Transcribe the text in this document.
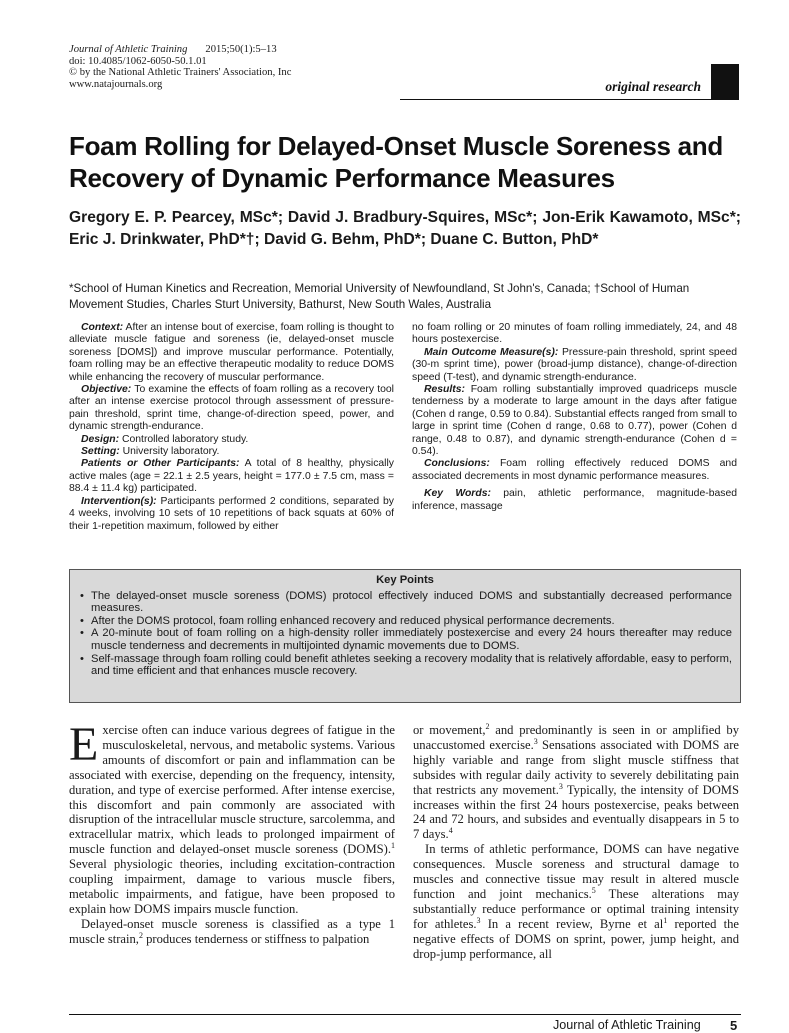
Journal of Athletic Training 2015;50(1):5–13
doi: 10.4085/1062-6050-50.1.01
© by the National Athletic Trainers' Association, Inc
www.natajournals.org	original research
Foam Rolling for Delayed-Onset Muscle Soreness and Recovery of Dynamic Performance Measures
Gregory E. P. Pearcey, MSc*; David J. Bradbury-Squires, MSc*; Jon-Erik Kawamoto, MSc*; Eric J. Drinkwater, PhD*†; David G. Behm, PhD*; Duane C. Button, PhD*
*School of Human Kinetics and Recreation, Memorial University of Newfoundland, St John's, Canada; †School of Human Movement Studies, Charles Sturt University, Bathurst, New South Wales, Australia

Context: After an intense bout of exercise, foam rolling is thought to alleviate muscle fatigue and soreness (ie, delayed-onset muscle soreness [DOMS]) and improve muscular performance. Potentially, foam rolling may be an effective therapeutic modality to reduce DOMS while enhancing the recovery of muscular performance.

Objective: To examine the effects of foam rolling as a recovery tool after an intense exercise protocol through assessment of pressure-pain threshold, sprint time, change-of-direction speed, power, and dynamic strength-endurance.

Design: Controlled laboratory study.

Setting: University laboratory.

Patients or Other Participants: A total of 8 healthy, physically active males (age = 22.1 ± 2.5 years, height = 177.0 ± 7.5 cm, mass = 88.4 ± 11.4 kg) participated.

Intervention(s): Participants performed 2 conditions, separated by 4 weeks, involving 10 sets of 10 repetitions of back squats at 60% of their 1-repetition maximum, followed by either

no foam rolling or 20 minutes of foam rolling immediately, 24, and 48 hours postexercise.

Main Outcome Measure(s): Pressure-pain threshold, sprint speed (30-m sprint time), power (broad-jump distance), change-of-direction speed (T-test), and dynamic strength-endurance.

Results: Foam rolling substantially improved quadriceps muscle tenderness by a moderate to large amount in the days after fatigue (Cohen d range, 0.59 to 0.84). Substantial effects ranged from small to large in sprint time (Cohen d range, 0.68 to 0.77), power (Cohen d range, 0.48 to 0.87), and dynamic strength-endurance (Cohen d = 0.54).

Conclusions: Foam rolling effectively reduced DOMS and associated decrements in most dynamic performance measures.

Key Words: pain, athletic performance, magnitude-based inference, massage

Key Points
• The delayed-onset muscle soreness (DOMS) protocol effectively induced DOMS and substantially decreased performance measures.
• After the DOMS protocol, foam rolling enhanced recovery and reduced physical performance decrements.
• A 20-minute bout of foam rolling on a high-density roller immediately postexercise and every 24 hours thereafter may reduce muscle tenderness and decrements in multijointed dynamic movements due to DOMS.
• Self-massage through foam rolling could benefit athletes seeking a recovery modality that is relatively affordable, easy to perform, and time efficient and that enhances muscle recovery.

Exercise often can induce various degrees of fatigue in the musculoskeletal, nervous, and metabolic systems. Various amounts of discomfort or pain and inflammation can be associated with exercise, depending on the frequency, intensity, duration, and type of exercise performed. After intense exercise, this discomfort and pain commonly are associated with disruption of the intracellular muscle structure, sarcolemma, and extracellular matrix, which leads to prolonged impairment of muscle function and delayed-onset muscle soreness (DOMS).$^1$ Several physiologic theories, including excitation-contraction coupling impairment, damage to various muscle fibers, metabolic impairments, and fatigue, have been proposed to explain how DOMS impairs muscle function.

Delayed-onset muscle soreness is classified as a type 1 muscle strain,$^2$ produces tenderness or stiffness to palpation

or movement,$^2$ and predominantly is seen in or amplified by unaccustomed exercise.$^3$ Sensations associated with DOMS are highly variable and range from slight muscle stiffness that subsides with regular daily activity to severely debilitating pain that restricts any movement.$^3$ Typically, the intensity of DOMS increases within the first 24 hours postexercise, peaks between 24 and 72 hours, and subsides and eventually disappears in 5 to 7 days.$^4$

In terms of athletic performance, DOMS can have negative consequences. Muscle soreness and structural damage to muscles and connective tissue may result in altered muscle function and joint mechanics.$^5$ These alterations may substantially reduce performance or optimal training intensity for athletes.$^3$ In a recent review, Byrne et $al^1$ reported the negative effects of DOMS on sprint, power, jump height, and drop-jump performance, all

Journal of Athletic Training 5
